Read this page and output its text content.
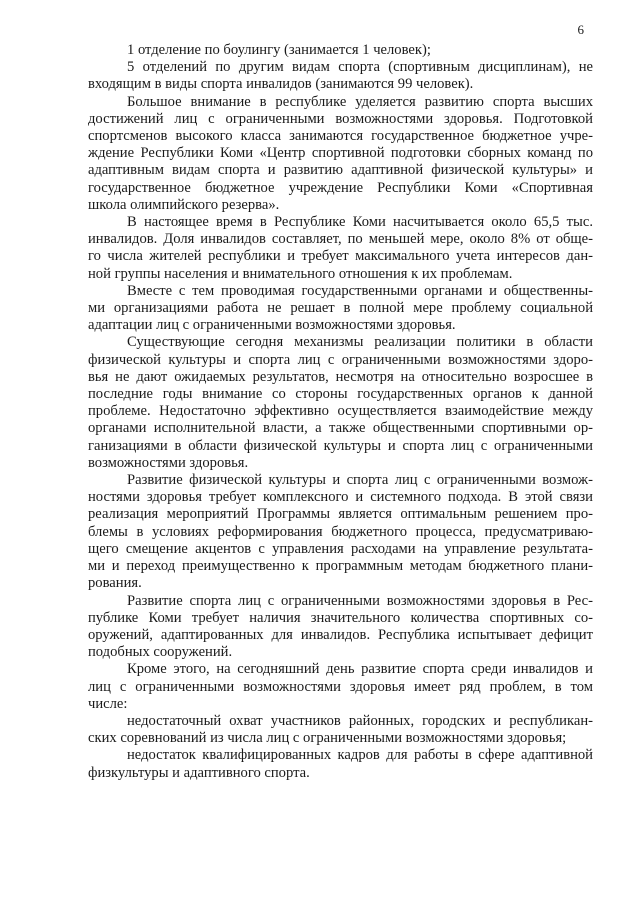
6
1 отделение по боулингу (занимается 1 человек);
5 отделений по другим видам спорта (спортивным дисциплинам), не
входящим в виды спорта инвалидов (занимаются 99 человек).
Большое внимание в республике уделяется развитию спорта высших
достижений лиц с ограниченными возможностями здоровья. Подготовкой
спортсменов высокого класса занимаются государственное бюджетное учре-
ждение Республики Коми «Центр спортивной подготовки сборных команд по
адаптивным видам спорта и развитию адаптивной физической культуры» и
государственное бюджетное учреждение Республики Коми «Спортивная
школа олимпийского резерва».
В настоящее время в Республике Коми насчитывается около 65,5 тыс.
инвалидов. Доля инвалидов составляет, по меньшей мере, около 8% от обще-
го числа жителей республики и требует максимального учета интересов дан-
ной группы населения и внимательного отношения к их проблемам.
Вместе с тем проводимая государственными органами и общественны-
ми организациями работа не решает в полной мере проблему социальной
адаптации лиц с ограниченными возможностями здоровья.
Существующие сегодня механизмы реализации политики в области
физической культуры и спорта лиц с ограниченными возможностями здоро-
вья не дают ожидаемых результатов, несмотря на относительно возросшее в
последние годы внимание со стороны государственных органов к данной
проблеме. Недостаточно эффективно осуществляется взаимодействие между
органами исполнительной власти, а также общественными спортивными ор-
ганизациями в области физической культуры и спорта лиц с ограниченными
возможностями здоровья.
Развитие физической культуры и спорта лиц с ограниченными возмож-
ностями здоровья требует комплексного и системного подхода. В этой связи
реализация мероприятий Программы является оптимальным решением про-
блемы в условиях реформирования бюджетного процесса, предусматриваю-
щего смещение акцентов с управления расходами на управление результата-
ми и переход преимущественно к программным методам бюджетного плани-
рования.
Развитие спорта лиц с ограниченными возможностями здоровья в Рес-
публике Коми требует наличия значительного количества спортивных со-
оружений, адаптированных для инвалидов. Республика испытывает дефицит
подобных сооружений.
Кроме этого, на сегодняшний день развитие спорта среди инвалидов и
лиц с ограниченными возможностями здоровья имеет ряд проблем, в том
числе:
недостаточный охват участников районных, городских и республикан-
ских соревнований из числа лиц с ограниченными возможностями здоровья;
недостаток квалифицированных кадров для работы в сфере адаптивной
физкультуры и адаптивного спорта.
